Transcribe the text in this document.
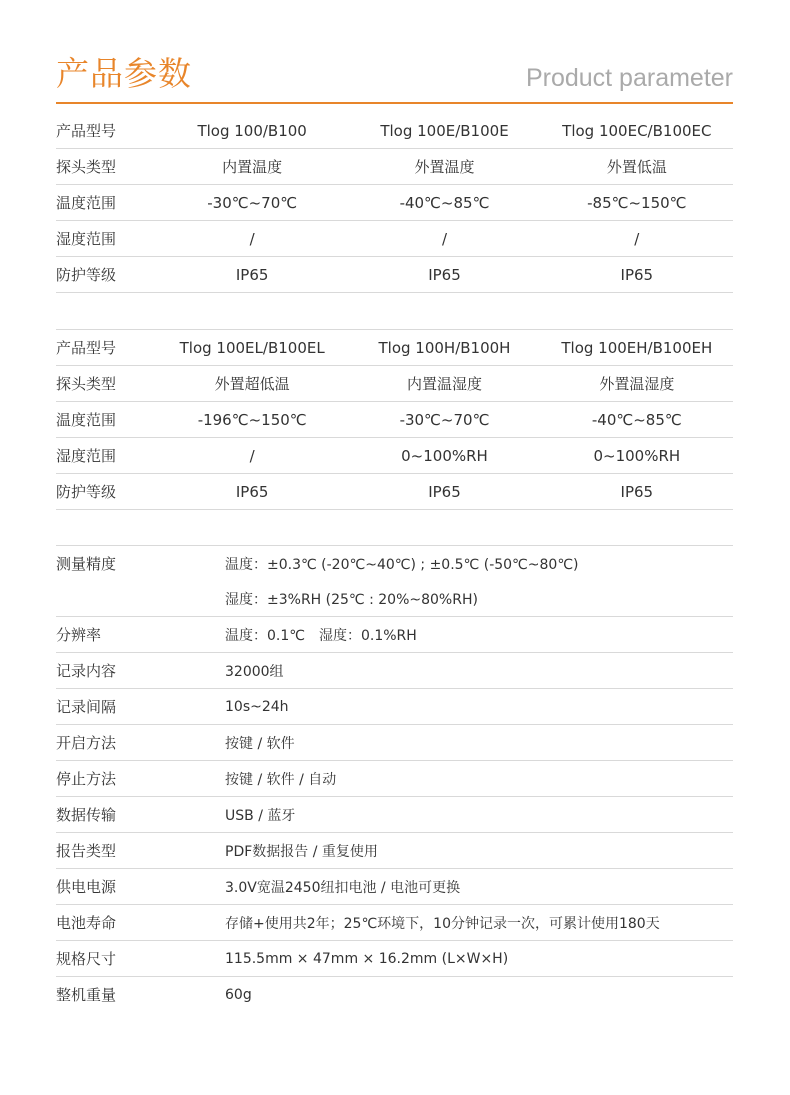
产品参数	Product parameter
产品型号	Tlog 100/B100	Tlog 100E/B100E	Tlog 100EC/B100EC
探头类型	内置温度	外置温度	外置低温
温度范围	-30℃~70℃	-40℃~85℃	-85℃~150℃
湿度范围	/	/	/
防护等级	IP65	IP65	IP65
产品型号	Tlog 100EL/B100EL	Tlog 100H/B100H	Tlog 100EH/B100EH
探头类型	外置超低温	内置温湿度	外置温湿度
温度范围	-196℃~150℃	-30℃~70℃	-40℃~85℃
湿度范围	/	0~100%RH	0~100%RH
防护等级	IP65	IP65	IP65
测量精度	温度：±0.3℃ (-20℃~40℃) ; ±0.5℃ (-50℃~80℃)
	湿度：±3%RH (25℃ : 20%~80%RH)
分辨率	温度：0.1℃　湿度：0.1%RH
记录内容	32000组
记录间隔	10s~24h
开启方法	按键 / 软件
停止方法	按键 / 软件 / 自动
数据传输	USB / 蓝牙
报告类型	PDF数据报告 / 重复使用
供电电源	3.0V宽温2450纽扣电池 / 电池可更换
电池寿命	存储+使用共2年；25℃环境下，10分钟记录一次，可累计使用180天
规格尺寸	115.5mm × 47mm × 16.2mm (L×W×H)
整机重量	60g
